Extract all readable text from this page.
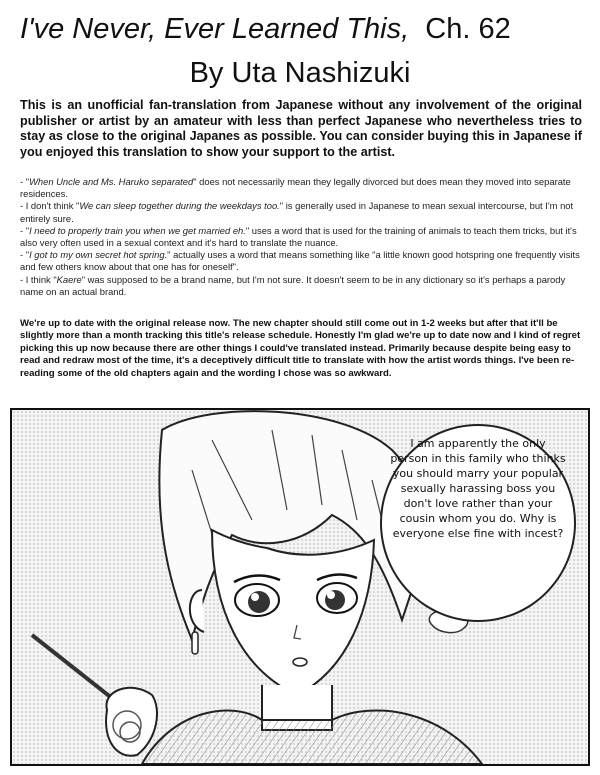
I've Never, Ever Learned This, Ch. 62
By Uta Nashizuki
This is an unofficial fan-translation from Japanese without any involvement of the original publisher or artist by an amateur with less than perfect Japanese who nevertheless tries to stay as close to the original Japanes as possible. You can consider buying this in Japanese if you enjoyed this translation to show your support to the artist.

- "When Uncle and Ms. Haruko separated" does not necessarily mean they legally divorced but does mean they moved into separate residences.

- I don't think "We can sleep together during the weekdays too." is generally used in Japanese to mean sexual intercourse, but I'm not entirely sure.

- "I need to properly train you when we get married eh." uses a word that is used for the training of animals to teach them tricks, but it's also very often used in a sexual context and it's hard to translate the nuance.

- "I got to my own secret hot spring." actually uses a word that means something like "a little known good hotspring one frequently visits and few others know about that one has for oneself".

- I think "Kaere" was supposed to be a brand name, but I'm not sure. It doesn't seem to be in any dictionary so it's perhaps a parody name on an actual brand.

We're up to date with the original release now. The new chapter should still come out in 1-2 weeks but after that it'll be slightly more than a month tracking this title's release schedule. Honestly I'm glad we're up to date now and I kind of regret picking this up now because there are other things I could've translated instead. Primarily because despite being easy to read and redraw most of the time, it's a deceptively difficult title to translate with how the artist words things. I've been re-reading some of the old chapters again and the wording I chose was so awkward.
I am apparently the only person in this family who thinks you should marry your popular sexually harassing boss you don't love rather than your cousin whom you do. Why is everyone else fine with incest?
